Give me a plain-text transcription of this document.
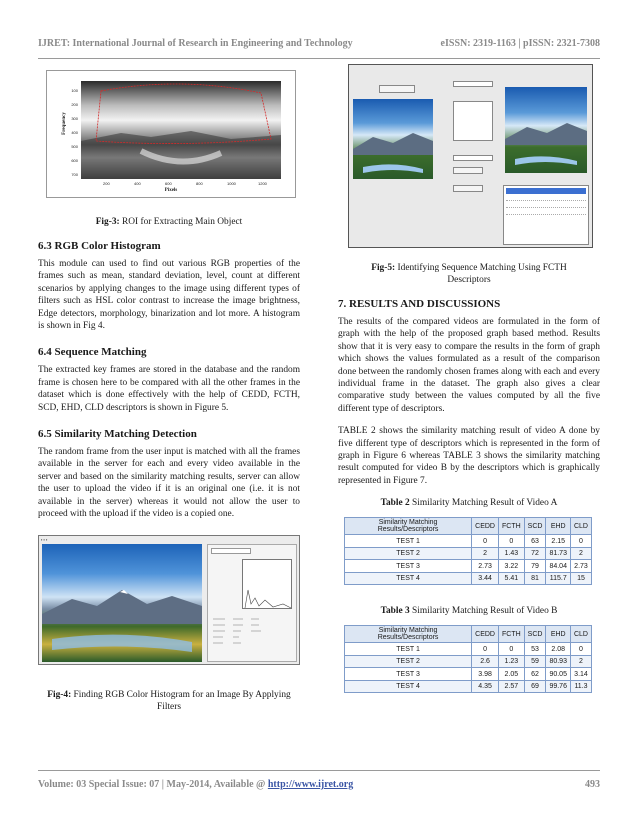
IJRET: International Journal of Research in Engineering and Technology	eISSN: 2319-1163 | pISSN: 2321-7308
Frequency
100
200
300
400
500
600
700
200	400	600	800	1000	1200
Pixels
Fig-3: ROI for Extracting Main Object
6.3 RGB Color Histogram
This module can used to find out various RGB properties of the frames such as mean, standard deviation, level, count at different scenarios by applying changes to the image using different types of filters such as HSL color contrast to increase the image brightness, Edge detectors, morphology, binarization and lot more. A histogram is shown in Fig 4.
6.4 Sequence Matching
The extracted key frames are stored in the database and the random frame is chosen here to be compared with all the other frames in the dataset which is done effectively with the help of CEDD, FCTH, SCD, EHD, CLD descriptors is shown in Figure 5.
6.5 Similarity Matching Detection
The random frame from the user input is matched with all the frames available in the server for each and every video available in the server and based on the similarity matching results, server can allow the user to upload the video if it is an original one (i.e. it is not available in the server) whereas it would not allow the user to proceed with the upload if the video is a copied one.
▪ ▪ ▪
Fig-4: Finding RGB Color Histogram for an Image By Applying Filters
Fig-5: Identifying Sequence Matching Using FCTH Descriptors
7. RESULTS AND DISCUSSIONS
The results of the compared videos are formulated in the form of graph with the help of the proposed graph based method. Results show that it is very easy to compare the results in the form of graph which shows the values formulated as a result of the comparison done between the randomly chosen frames along with each and every individual frame in the dataset. The graph also gives a clear comparative study between the values computed by all the five different type of descriptors.
TABLE 2 shows the similarity matching result of video A done by five different type of descriptors which is represented in the form of graph in Figure 6 whereas TABLE 3 shows the similarity matching result computed for video B by the descriptors which is graphically represented in Figure 7.
Table 2 Similarity Matching Result of Video A
Similarity Matching Results/Descriptors	CEDD	FCTH	SCD	EHD	CLD
TEST 1	0	0	63	2.15	0
TEST 2	2	1.43	72	81.73	2
TEST 3	2.73	3.22	79	84.04	2.73
TEST 4	3.44	5.41	81	115.7	15
Table 3 Similarity Matching Result of Video B
Similarity Matching Results/Descriptors	CEDD	FCTH	SCD	EHD	CLD
TEST 1	0	0	53	2.08	0
TEST 2	2.6	1.23	59	80.93	2
TEST 3	3.98	2.05	62	90.05	3.14
TEST 4	4.35	2.57	69	99.76	11.3
Volume: 03 Special Issue: 07 | May-2014, Available @ http://www.ijret.org	493
